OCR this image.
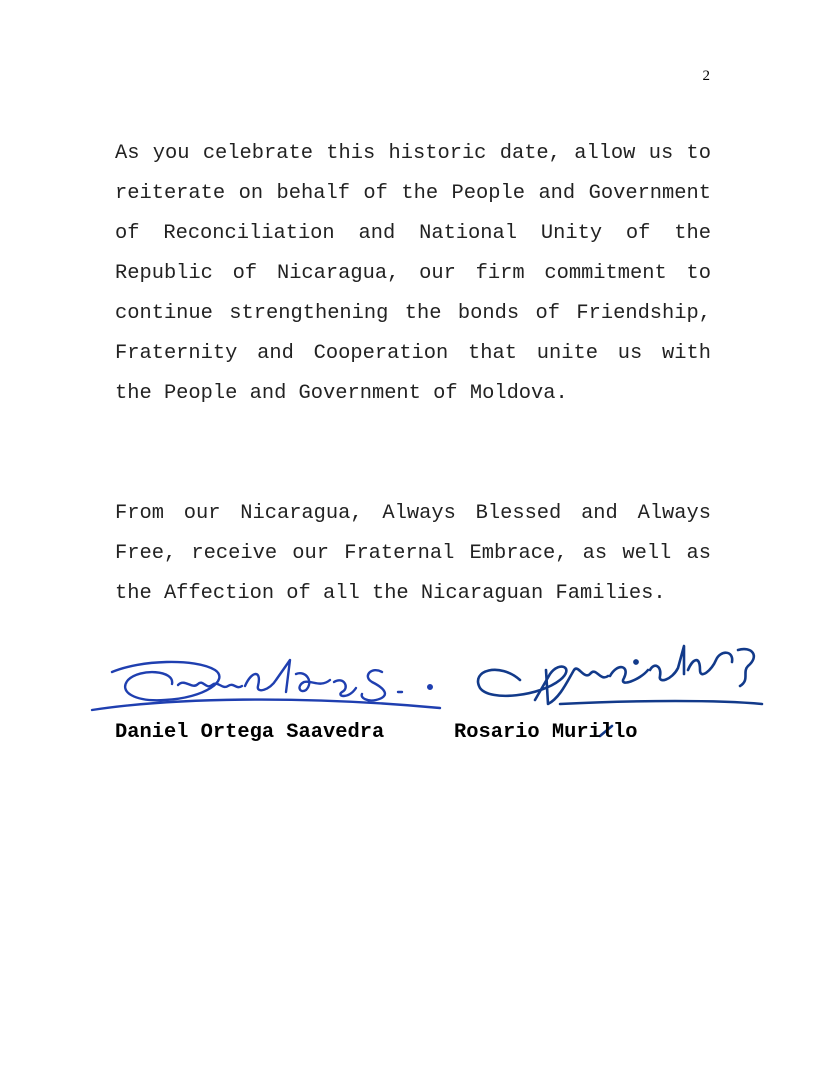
2

As you celebrate this historic date, allow us to reiterate on behalf of the People and Government of Reconciliation and National Unity of the Republic of Nicaragua, our firm commitment to continue strengthening the bonds of Friendship, Fraternity and Cooperation that unite us with the People and Government of Moldova.

From our Nicaragua, Always Blessed and Always Free, receive our Fraternal Embrace, as well as the Affection of all the Nicaraguan Families.

Daniel Ortega Saavedra	Rosario Murillo
